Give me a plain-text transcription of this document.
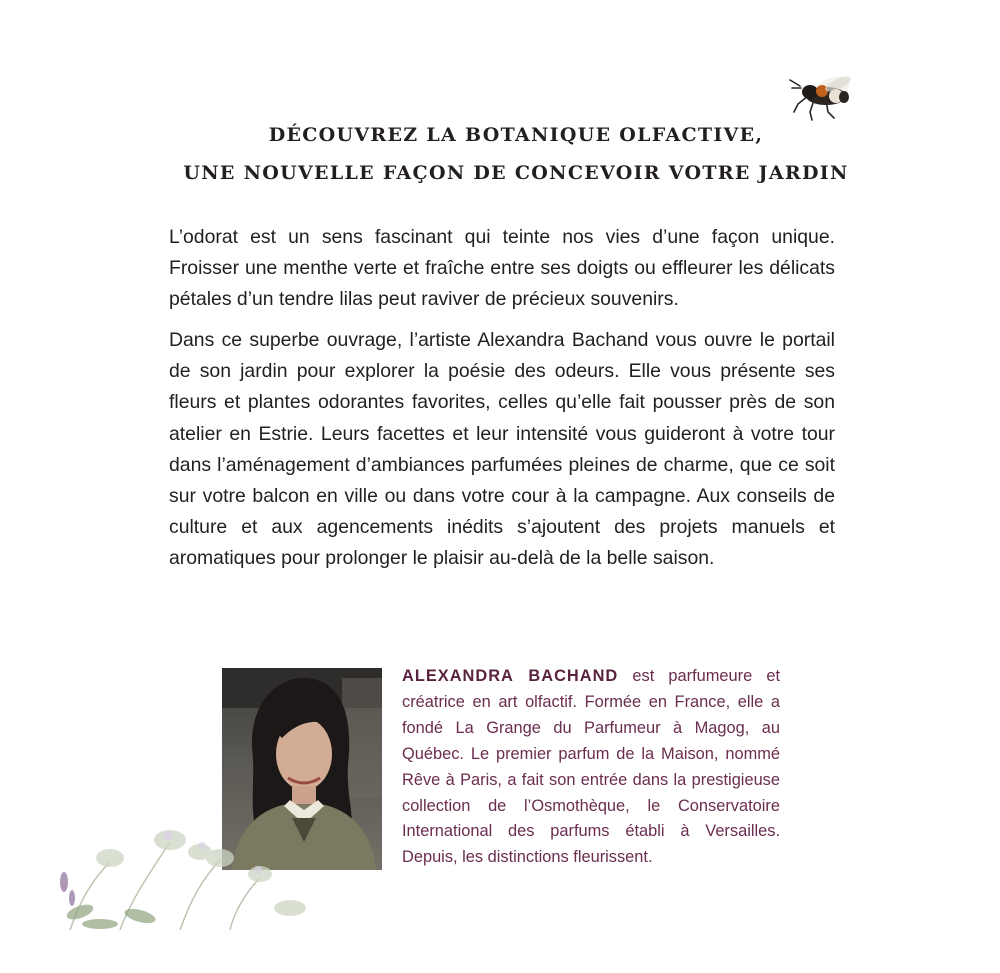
DÉCOUVREZ LA BOTANIQUE OLFACTIVE,
UNE NOUVELLE FAÇON DE CONCEVOIR VOTRE JARDIN

L’odorat est un sens fascinant qui teinte nos vies d’une façon unique. Froisser une menthe verte et fraîche entre ses doigts ou effleurer les délicats pétales d’un tendre lilas peut raviver de précieux souvenirs.

Dans ce superbe ouvrage, l’artiste Alexandra Bachand vous ouvre le portail de son jardin pour explorer la poésie des odeurs. Elle vous présente ses fleurs et plantes odorantes favorites, celles qu’elle fait pousser près de son atelier en Estrie. Leurs facettes et leur intensité vous guideront à votre tour dans l’aménagement d’ambiances parfumées pleines de charme, que ce soit sur votre balcon en ville ou dans votre cour à la campagne. Aux conseils de culture et aux agencements inédits s’ajoutent des projets manuels et aromatiques pour prolonger le plaisir au-delà de la belle saison.

ALEXANDRA BACHAND est parfumeure et créatrice en art olfactif. Formée en France, elle a fondé La Grange du Parfumeur à Magog, au Québec. Le premier parfum de la Maison, nommé Rêve à Paris, a fait son entrée dans la prestigieuse collection de l’Osmothèque, le Conservatoire International des parfums établi à Versailles. Depuis, les distinctions fleurissent.
